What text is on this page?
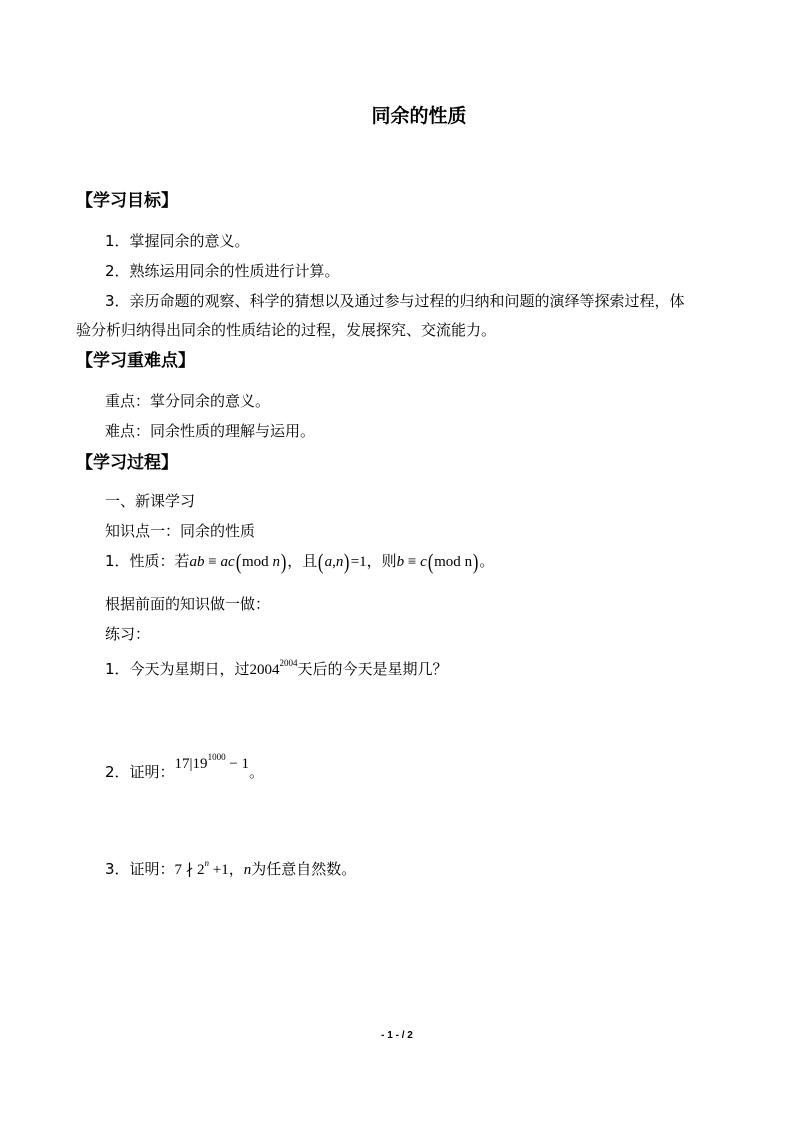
同余的性质
【学习目标】
1．掌握同余的意义。
2．熟练运用同余的性质进行计算。
3．亲历命题的观察、科学的猜想以及通过参与过程的归纳和问题的演绎等探索过程，体
验分析归纳得出同余的性质结论的过程，发展探究、交流能力。
【学习重难点】
重点：掌分同余的意义。
难点：同余性质的理解与运用。
【学习过程】
一、新课学习
知识点一：同余的性质
1．性质：若ab ≡ ac(mod n)，且(a,n)=1，则b ≡ c(mod n)。
根据前面的知识做一做：
练习：
1．今天为星期日，过$2004^{2004}$天后的今天是星期几？
2．证明：$17|19^{1000} - 1$。
3．证明：7 ∤ $2^n +1$，n为任意自然数。
- 1 - / 2
